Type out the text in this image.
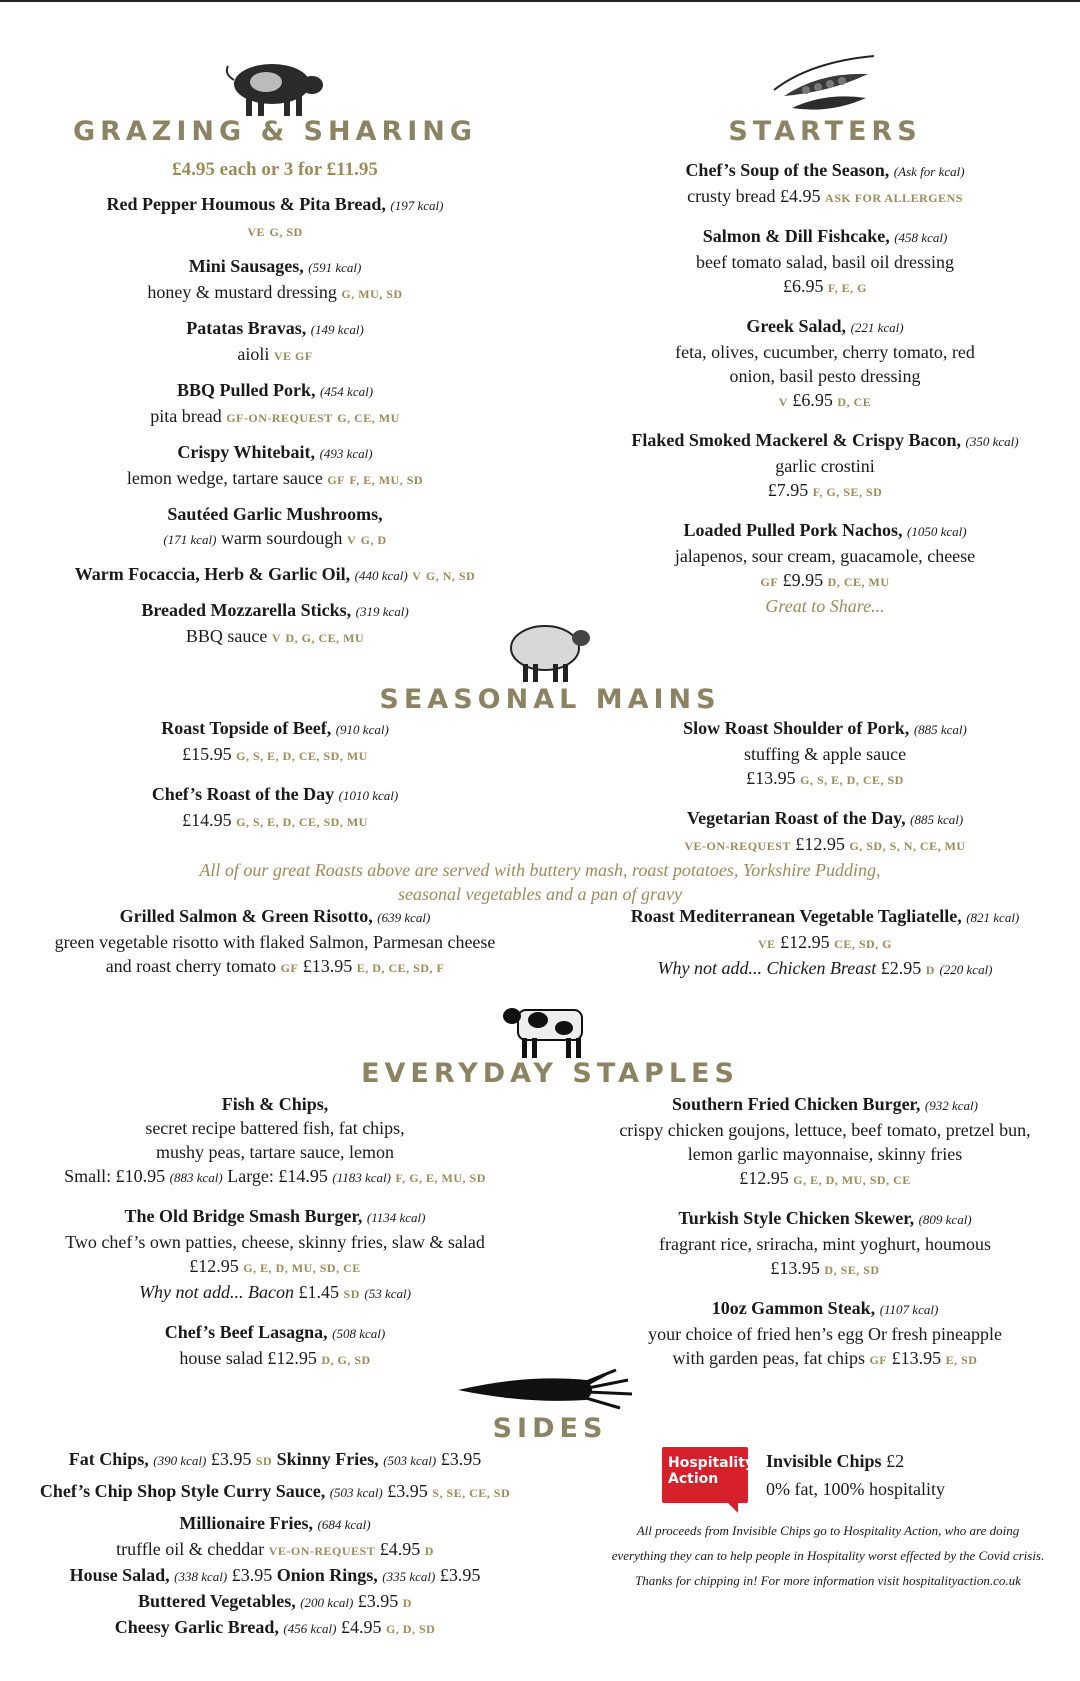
GRAZING & SHARING	STARTERS
SEASONAL MAINS
EVERYDAY STAPLES
SIDES
£4.95 each or 3 for £11.95
Red Pepper Houmous & Pita Bread, (197 kcal)
VE G, SD
Mini Sausages, (591 kcal)
honey & mustard dressing G, MU, SD
Patatas Bravas, (149 kcal)
aioli VE GF
BBQ Pulled Pork, (454 kcal)
pita bread GF-ON-REQUEST G, CE, MU
Crispy Whitebait, (493 kcal)
lemon wedge, tartare sauce GF F, E, MU, SD
Sautéed Garlic Mushrooms,
(171 kcal) warm sourdough V G, D
Warm Focaccia, Herb & Garlic Oil, (440 kcal) V G, N, SD
Breaded Mozzarella Sticks, (319 kcal)
BBQ sauce V D, G, CE, MU
Chef’s Soup of the Season, (Ask for kcal)
crusty bread £4.95 ASK FOR ALLERGENS
Salmon & Dill Fishcake, (458 kcal)
beef tomato salad, basil oil dressing
£6.95 F, E, G
Greek Salad, (221 kcal)
feta, olives, cucumber, cherry tomato, red
onion, basil pesto dressing
V £6.95 D, CE
Flaked Smoked Mackerel & Crispy Bacon, (350 kcal)
garlic crostini
£7.95 F, G, SE, SD
Loaded Pulled Pork Nachos, (1050 kcal)
jalapenos, sour cream, guacamole, cheese
GF £9.95 D, CE, MU
Great to Share...
Roast Topside of Beef, (910 kcal)
£15.95 G, S, E, D, CE, SD, MU
Chef’s Roast of the Day (1010 kcal)
£14.95 G, S, E, D, CE, SD, MU
Slow Roast Shoulder of Pork, (885 kcal)
stuffing & apple sauce
£13.95 G, S, E, D, CE, SD
Vegetarian Roast of the Day, (885 kcal)
VE-ON-REQUEST £12.95 G, SD, S, N, CE, MU
All of our great Roasts above are served with buttery mash, roast potatoes, Yorkshire Pudding,
seasonal vegetables and a pan of gravy
Grilled Salmon & Green Risotto, (639 kcal)
green vegetable risotto with flaked Salmon, Parmesan cheese
and roast cherry tomato GF £13.95 E, D, CE, SD, F
Roast Mediterranean Vegetable Tagliatelle, (821 kcal)
VE £12.95 CE, SD, G
Why not add... Chicken Breast £2.95 D (220 kcal)
Fish & Chips,
secret recipe battered fish, fat chips,
mushy peas, tartare sauce, lemon
Small: £10.95 (883 kcal) Large: £14.95 (1183 kcal) F, G, E, MU, SD
The Old Bridge Smash Burger, (1134 kcal)
Two chef’s own patties, cheese, skinny fries, slaw & salad
£12.95 G, E, D, MU, SD, CE
Why not add... Bacon £1.45 SD (53 kcal)
Chef’s Beef Lasagna, (508 kcal)
house salad £12.95 D, G, SD
Southern Fried Chicken Burger, (932 kcal)
crispy chicken goujons, lettuce, beef tomato, pretzel bun,
lemon garlic mayonnaise, skinny fries
£12.95 G, E, D, MU, SD, CE
Turkish Style Chicken Skewer, (809 kcal)
fragrant rice, sriracha, mint yoghurt, houmous
£13.95 D, SE, SD
10oz Gammon Steak, (1107 kcal)
your choice of fried hen’s egg Or fresh pineapple
with garden peas, fat chips GF £13.95 E, SD
Fat Chips, (390 kcal) £3.95 SD Skinny Fries, (503 kcal) £3.95
Chef’s Chip Shop Style Curry Sauce, (503 kcal) £3.95 S, SE, CE, SD
Millionaire Fries, (684 kcal)
truffle oil & cheddar VE-ON-REQUEST £4.95 D
House Salad, (338 kcal) £3.95 Onion Rings, (335 kcal) £3.95
Buttered Vegetables, (200 kcal) £3.95 D
Cheesy Garlic Bread, (456 kcal) £4.95 G, D, SD
Hospitality
Action
Invisible Chips £2
0% fat, 100% hospitality
All proceeds from Invisible Chips go to Hospitality Action, who are doing
everything they can to help people in Hospitality worst effected by the Covid crisis.
Thanks for chipping in! For more information visit hospitalityaction.co.uk
